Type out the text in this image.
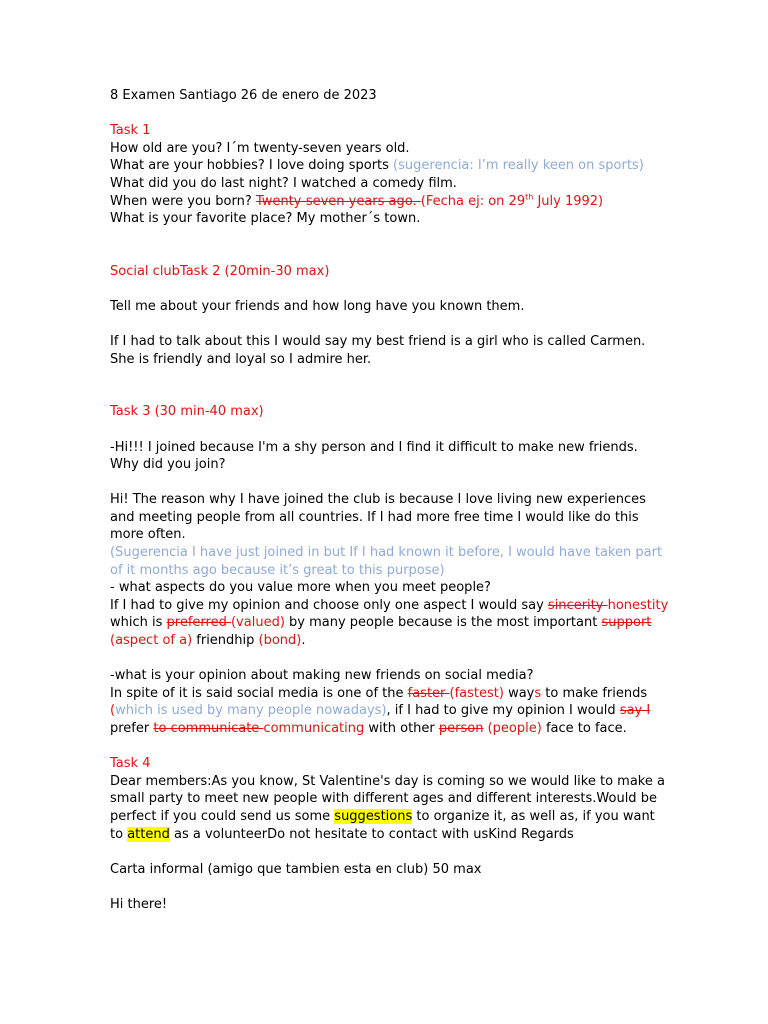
8 Examen Santiago 26 de enero de 2023

Task 1

How old are you? I´m twenty-seven years old.

What are your hobbies? I love doing sports (sugerencia: I’m really keen on sports)

What did you do last night? I watched a comedy film.

When were you born? Twenty-seven years ago. (Fecha ej: on 29th July 1992)

What is your favorite place? My mother´s town.

Social clubTask 2 (20min-30 max)

Tell me about your friends and how long have you known them.

If I had to talk about this I would say my best friend is a girl who is called Carmen. She is friendly and loyal so I admire her.

Task 3 (30 min-40 max)

-Hi!!! I joined because I'm a shy person and I find it difficult to make new friends. Why did you join?

Hi! The reason why I have joined the club is because I love living new experiences and meeting people from all countries. If I had more free time I would like do this more often.

(Sugerencia I have just joined in but If I had known it before, I would have taken part of it months ago because it’s great to this purpose)

- what aspects do you value more when you meet people?

If I had to give my opinion and choose only one aspect I would say sincerity honestity which is preferred (valued) by many people because is the most important support (aspect of a) friendhip (bond).

-what is your opinion about making new friends on social media?

In spite of it is said social media is one of the faster (fastest) ways to make friends
(which is used by many people nowadays), if I had to give my opinion I would say I prefer to communicate communicating with other person (people) face to face.

Task 4

Dear members:As you know, St Valentine's day is coming so we would like to make a small party to meet new people with different ages and different interests.Would be perfect if you could send us some suggestions to organize it, as well as, if you want to attend as a volunteerDo not hesitate to contact with usKind Regards

Carta informal (amigo que tambien esta en club) 50 max

Hi there!
